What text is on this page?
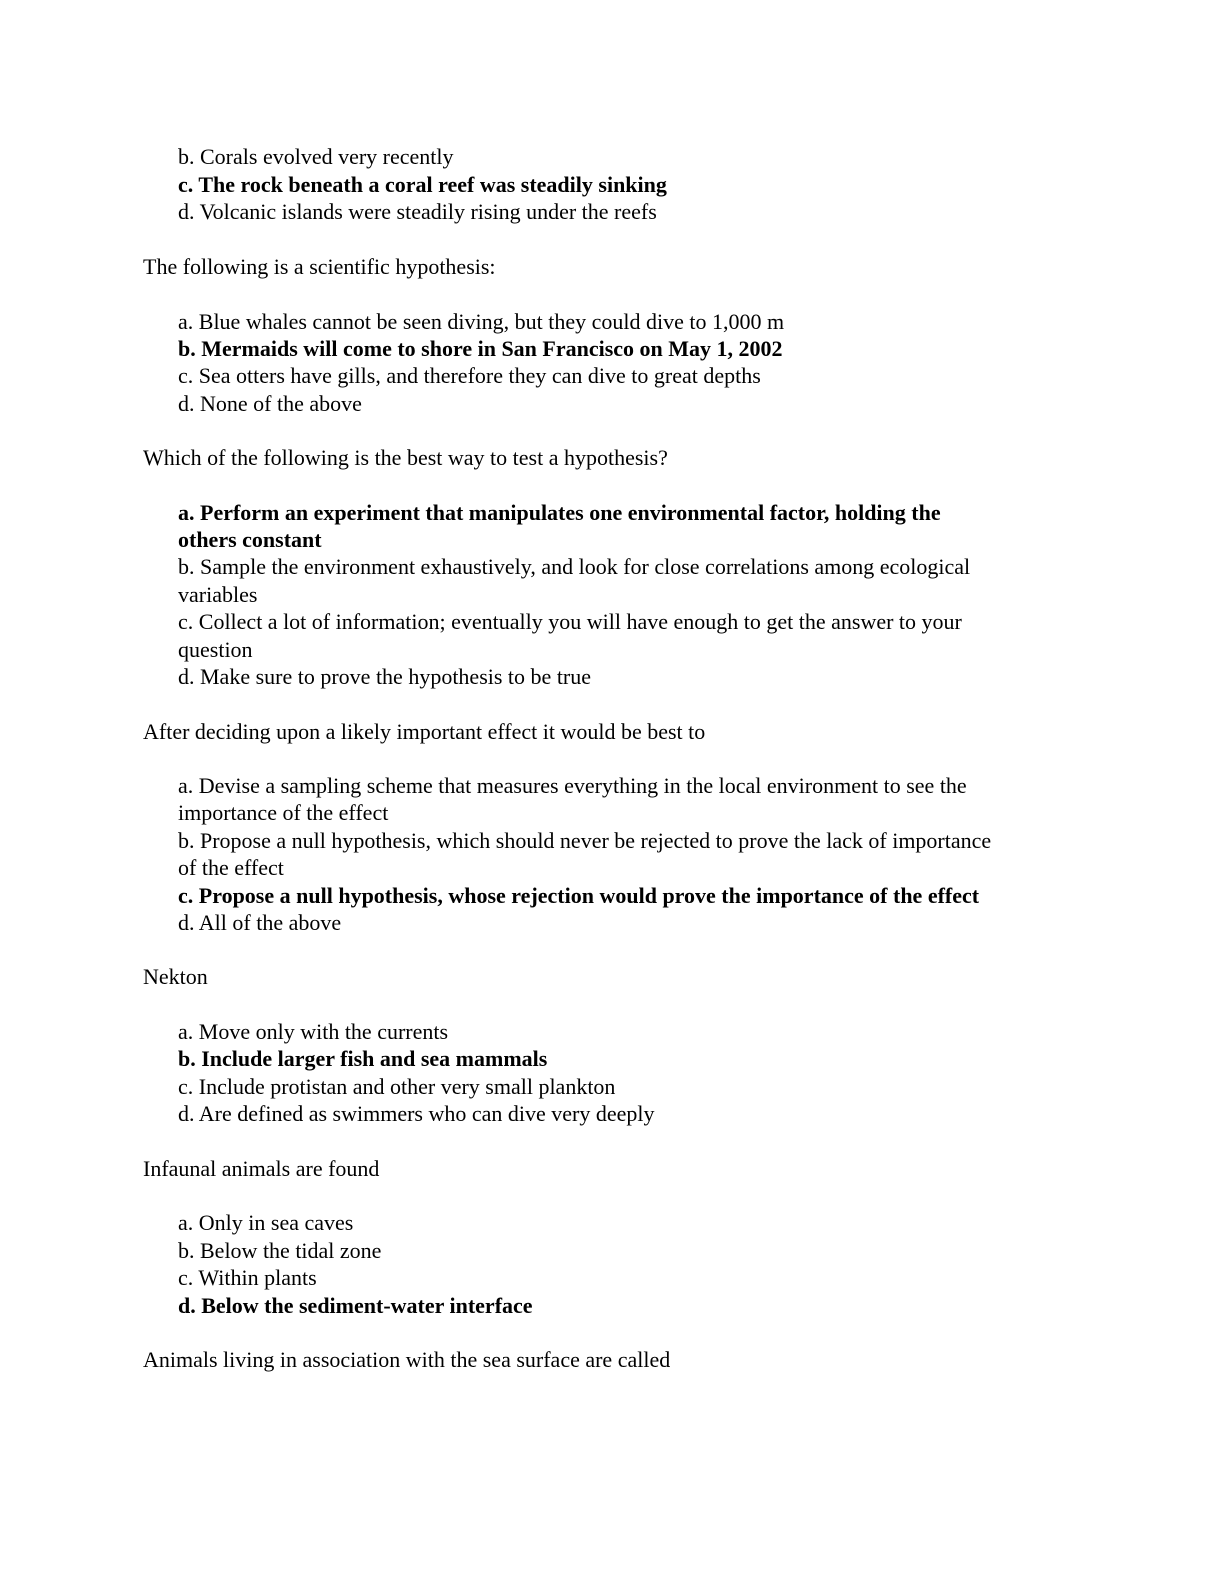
b. Corals evolved very recently
c. The rock beneath a coral reef was steadily sinking
d. Volcanic islands were steadily rising under the reefs
The following is a scientific hypothesis:
a. Blue whales cannot be seen diving, but they could dive to 1,000 m
b. Mermaids will come to shore in San Francisco on May 1, 2002
c. Sea otters have gills, and therefore they can dive to great depths
d. None of the above
Which of the following is the best way to test a hypothesis?
a. Perform an experiment that manipulates one environmental factor, holding the
others constant
b. Sample the environment exhaustively, and look for close correlations among ecological
variables
c. Collect a lot of information; eventually you will have enough to get the answer to your
question
d. Make sure to prove the hypothesis to be true
After deciding upon a likely important effect it would be best to
a. Devise a sampling scheme that measures everything in the local environment to see the
importance of the effect
b. Propose a null hypothesis, which should never be rejected to prove the lack of importance
of the effect
c. Propose a null hypothesis, whose rejection would prove the importance of the effect
d. All of the above
Nekton
a. Move only with the currents
b. Include larger fish and sea mammals
c. Include protistan and other very small plankton
d. Are defined as swimmers who can dive very deeply
Infaunal animals are found
a. Only in sea caves
b. Below the tidal zone
c. Within plants
d. Below the sediment-water interface
Animals living in association with the sea surface are called
